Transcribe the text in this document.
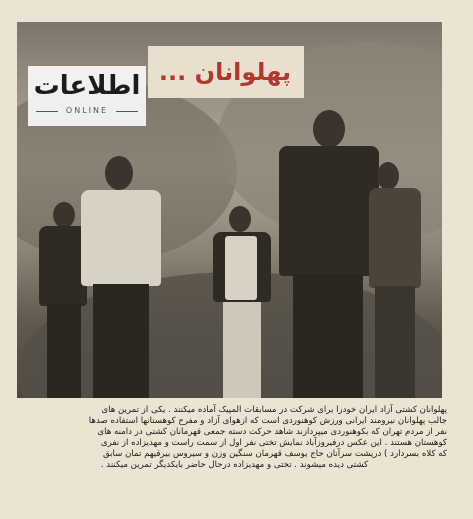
پهلوانان ...
اطلاعات
ONLINE
پهلوانان کشتی آزاد ایران خودرا برای شرکت در مسابقات المپیک آماده میکنند . یکی از تمرین های
جالب پهلوانان نیرومند ایرانی ورزش کوهنوردی است که ازهوای آزاد و مفرح کوهستانها استفاده صدها
نفر از مردم تهران که بکوهنوردی میپردازند شاهد حرکت دسته جمعی قهرمانان کشتی در دامنه های
کوهستان هستند . این عکس درفیروزآباد نمایش تختی نفر اول از سمت راست و مهدیزاده از نفری
که کلاه بسردارد ) درپشت سرآنان حاج یوسف قهرمان سنگین وزن و سیروس بیرقیهم تمان سابق
کشتی دیده میشوند . تختی و مهدیزاده درحال حاضر بایکدیگر تمرین میکنند .
